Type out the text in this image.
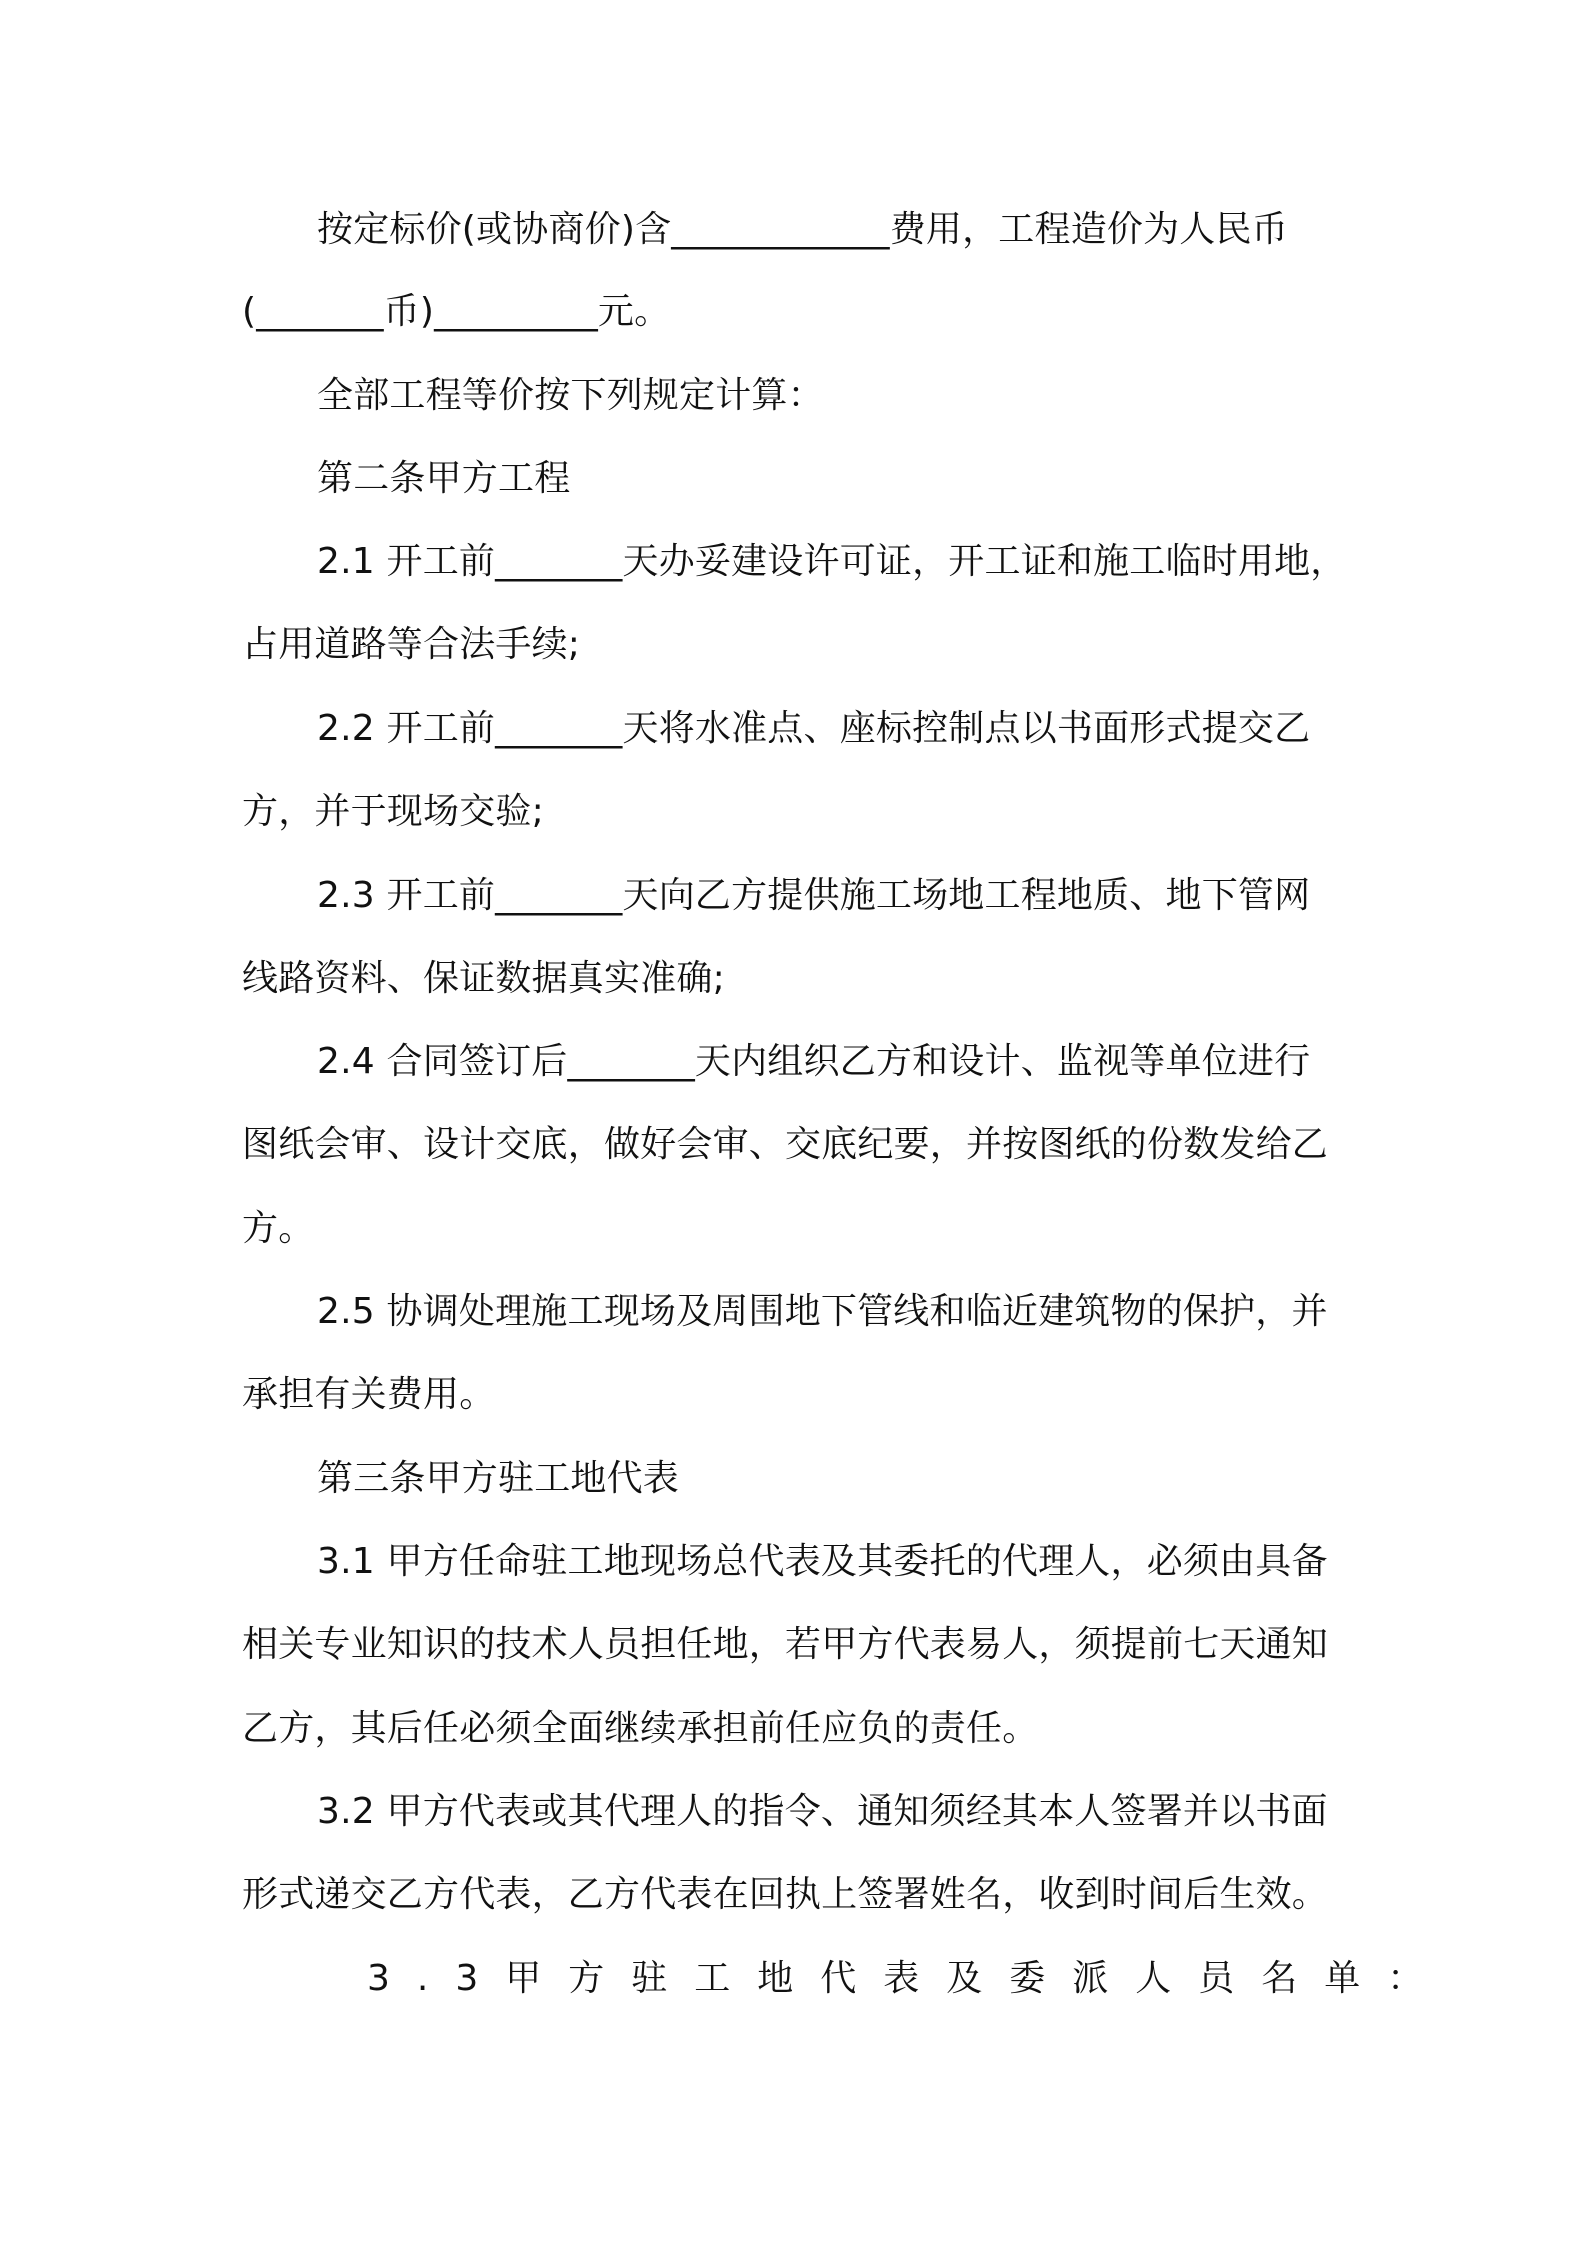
按定标价(或协商价)含____________费用，工程造价为人民币

(_______币)_________元。

全部工程等价按下列规定计算：

第二条甲方工程

2.1 开工前_______天办妥建设许可证，开工证和施工临时用地，

占用道路等合法手续;

2.2 开工前_______天将水准点、座标控制点以书面形式提交乙

方，并于现场交验;

2.3 开工前_______天向乙方提供施工场地工程地质、地下管网

线路资料、保证数据真实准确;

2.4 合同签订后_______天内组织乙方和设计、监视等单位进行

图纸会审、设计交底，做好会审、交底纪要，并按图纸的份数发给乙

方。

2.5 协调处理施工现场及周围地下管线和临近建筑物的保护，并

承担有关费用。

第三条甲方驻工地代表

3.1 甲方任命驻工地现场总代表及其委托的代理人，必须由具备

相关专业知识的技术人员担任地，若甲方代表易人，须提前七天通知

乙方，其后任必须全面继续承担前任应负的责任。

3.2 甲方代表或其代理人的指令、通知须经其本人签署并以书面

形式递交乙方代表，乙方代表在回执上签署姓名，收到时间后生效。

3.3甲方驻工地代表及委派人员名单：
